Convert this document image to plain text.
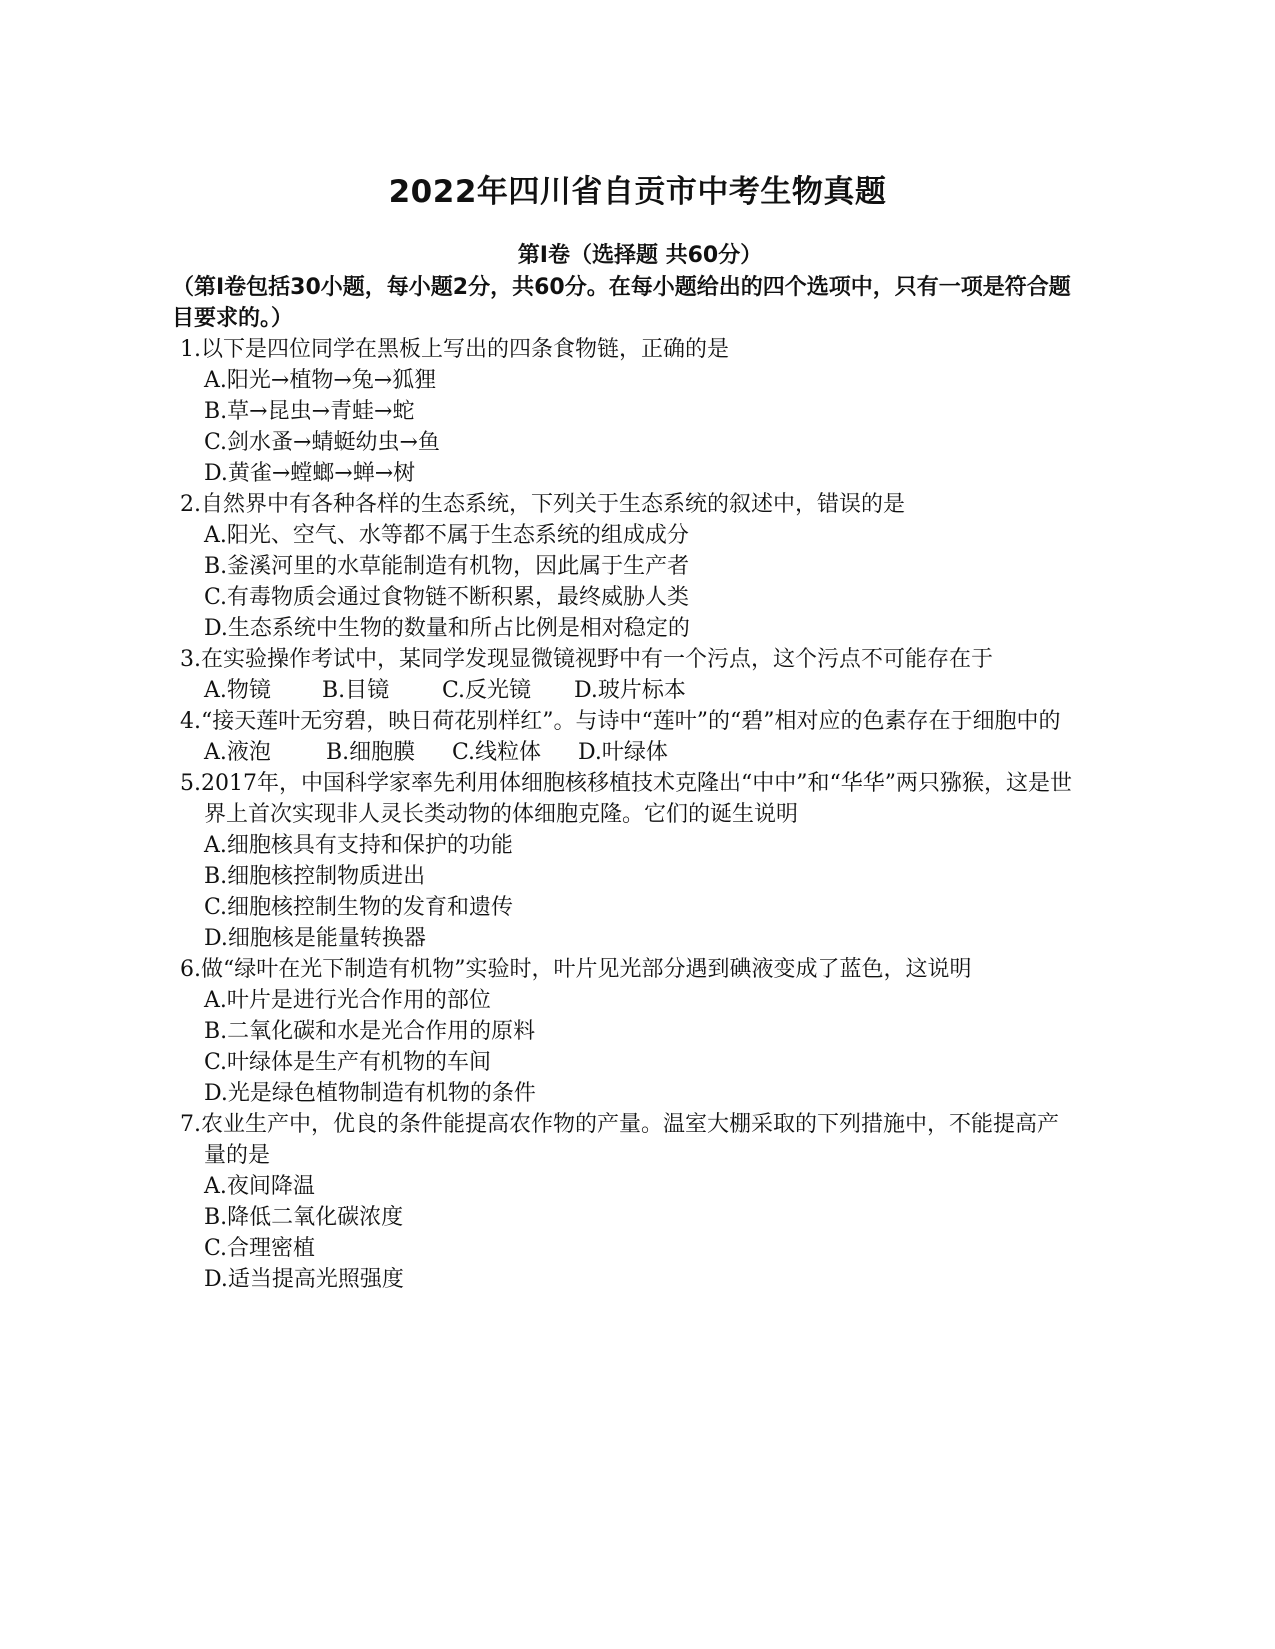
2022年四川省自贡市中考生物真题
第Ⅰ卷（选择题 共60分）
（第Ⅰ卷包括30小题，每小题2分，共60分。在每小题给出的四个选项中，只有一项是符合题目要求的。）
1.以下是四位同学在黑板上写出的四条食物链，正确的是
A.阳光→植物→兔→狐狸
B.草→昆虫→青蛙→蛇
C.剑水蚤→蜻蜓幼虫→鱼
D.黄雀→螳螂→蝉→树
2.自然界中有各种各样的生态系统，下列关于生态系统的叙述中，错误的是
A.阳光、空气、水等都不属于生态系统的组成成分
B.釜溪河里的水草能制造有机物，因此属于生产者
C.有毒物质会通过食物链不断积累，最终威胁人类
D.生态系统中生物的数量和所占比例是相对稳定的
3.在实验操作考试中，某同学发现显微镜视野中有一个污点，这个污点不可能存在于
A.物镜 B.目镜 C.反光镜 D.玻片标本
4.“接天莲叶无穷碧，映日荷花别样红”。与诗中“莲叶”的“碧”相对应的色素存在于细胞中的
A.液泡	B.细胞膜 C.线粒体 D.叶绿体
5.2017年，中国科学家率先利用体细胞核移植技术克隆出“中中”和“华华”两只猕猴，这是世界上首次实现非人灵长类动物的体细胞克隆。它们的诞生说明
A.细胞核具有支持和保护的功能
B.细胞核控制物质进出
C.细胞核控制生物的发育和遗传
D.细胞核是能量转换器
6.做“绿叶在光下制造有机物”实验时，叶片见光部分遇到碘液变成了蓝色，这说明
A.叶片是进行光合作用的部位
B.二氧化碳和水是光合作用的原料
C.叶绿体是生产有机物的车间
D.光是绿色植物制造有机物的条件
7.农业生产中，优良的条件能提高农作物的产量。温室大棚采取的下列措施中，不能提高产量的是
A.夜间降温
B.降低二氧化碳浓度
C.合理密植
D.适当提高光照强度
